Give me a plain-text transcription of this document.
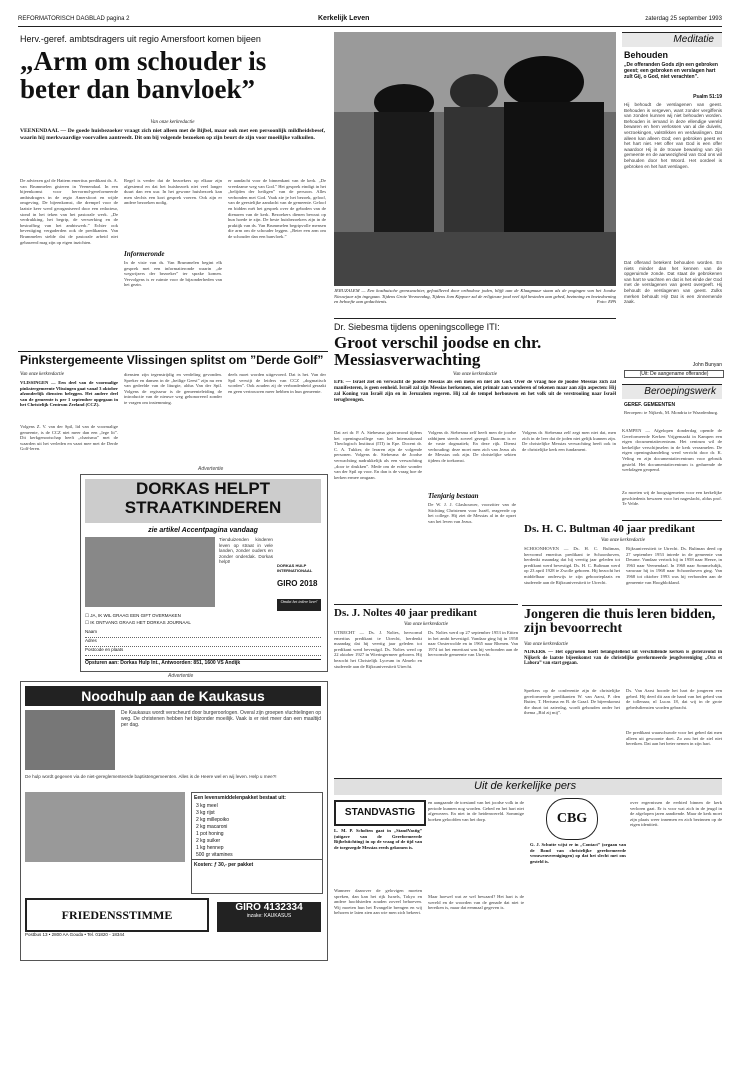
REFORMATORISCH DAGBLAD pagina 2	Kerkelijk Leven	zaterdag 25 september 1993
Herv.-geref. ambtsdragers uit regio Amersfoort komen bijeen
„Arm om schouder is beter dan banvloek”
Van onze kerkredactie
VEENENDAAL — De goede huisbezoeker vraagt zich niet alleen met de Bijbel, maar ook met een persoonlijk mildheidsbesef, waarin hij merkwaardige voorvallen aantreedt. Dit om bij volgende bezoeken op zijn beurt de zijn voor moeilijke valkuilen.
De adviezen gaf de Hattem emeritus predikant ds. A. van Brummelen gisteren in Veenendaal. In een bijeenkomst voor hervormd-gereformeerde ambtsdragers in de regio Amersfoort en wijde omgeving. De bijeenkomst, die drempel voor de laatste keer werd georganiseerd door een redacteur, stond in het teken van het pastorale werk. „De verdrukking, het begrip, de verwerking en de bestraffing van het ambtswerk.” Echter ook bevestiging vergaderden ook de predikanten. Van Brummelen stelde dat de pastorale arbeid niet gebaseerd mag zijn op eigen inzichten.
Regel is verder dat de bezoekers op elkaar zijn afgestemd en dat het huisbezoek niet veel langer duurt dan een uur. In het gewone huisbezoek kan men slechts een kort gesprek voeren. Ook zijn er andere bezoeken nodig.
Informeronde
In de visie van ds. Van Brummelen begint elk gesprek met een informatieronde waarin „de wegwijzers der bezoeker” ter sprake komen. Vervolgens is er ruimte voor de bijzonderheden van het gezin.
er aandacht voor de binnenkant van de kerk. „De vreedzame weg van God.” Het gesprek eindigt in het „belijden der heiligen” van de persoon. Alles verbonden met God. Vaak zie je het bezoek, geloof, van de geestelijke aandacht van de gemeente. Geloof en bidden mét het gesprek over de geboden van de dienaren van de kerk. Bezoekers dienen bewust op hun hoede te zijn. De beste huisbezoekers zijn in de praktijk van ds. Van Brummelen begripvolle mensen die arm om de schouder leggen. „Beter een arm om de schouder dan een banvloek.”
JERUZALEM — Een kosthuische grenswachter, gefouilleerd door orthodoxe joden, blijft aan de Klaagmuur staan als de pogingen van het Joodse Nieuwjaar zijn ingegaan. Tijdens Grote Verzoendag, Tijdens Jom Kippoer zal de religieuze jood veel tijd besteden aan gebed, bezinning en boetedoening en behoefte aan gedachtenis.	Foto: EPA
Meditatie
Behouden
„De offeranden Gods zijn een gebroken geest; een gebroken en verslagen hart zult Gij, o God, niet verachten”.
Psalm 51:19
Hij behoudt de verslagenen van geest. Behouden is vergeven, want zonder vergiffenis van zonden kunnen wij niet behouden worden. Behouden is iemand in deze ellendige wereld bewaren en hem verlossen van al die duivels, verzoekingen, valstrikken en verdwalingen. Dat alleen kan alleen God; een gebroken geest en het hart niet. Het offer van God is een offer waardoor Hij in de trouwe bewaring van zijn gemeente en de aanwezigheid van God ons wil behouden door het Woord. Het oordeel is gebroken en het hart verslagen.
Dat offerand betekent behouden worden. En niets minder dan het kennen van de opgeruimde zonde. Dat staat de gebrokenen van hart te wachten en dat is het einde der God met de verslagenen van geest overgeeft. Hij behoudt de verslagenen van geest. Zulks merken behoudt Hij! Dat is een zinnemende zaak.
John Bunyan
(Uit: De aangename offerande)
Beroepingswerk
GEREF. GEMEENTEN
Beroepen: te Nijkerk, M. Mondria te Waardenburg.
Pinkstergemeente Vlissingen splitst om ”Derde Golf”
Van onze kerkredactie
VLISSINGEN — Een deel van de voormalige pinkstergemeente Vlissingen gaat vanaf 3 oktober afzonderlijk diensten beleggen. Het andere deel van de gemeente is per 1 september opgegaan in het Christelijk Centrum Zeeland (CCZ).
Volgens Z. V. van der Spil, lid van de voormalige gemeente, is de CCZ niet meer dan een „lege lit”. Dit kerkgenootschap heeft „charisma” met de waarden uit het verleden en vaart mee met de Derde Golf-leren.
diensten zijn tegenstrijdig en verdeling gevonden. Spreker en dansen in de „heilige Geest” zijn nu een van gedeelde van de liturgie, aldus Van der Spil. Volgens de regisseur is de gemeenteleiding de introductie van de nieuwe weg gehonoreerd zonder te vragen om instemming.
deels moet worden uitgevoerd. Dat is het. Van der Spil verwijt de leiders van CCZ „dogmatisch worden”. Ook zouden zij de verbondenheid geraakt en geen vertrouwen meer hebben in hun gemeente.
Advertentie
DORKAS HELPT STRAATKINDEREN
zie artikel Accentpagina vandaag
Tienduizenden kinderen leven op straat in vele landen, zonder ouders en zonder onderdak. Dorkas helpt!
DORKAS HULP INTERNATIONAAL
GIRO 2018
Omdat het iedere keer!
☐ JA, IK WIL GRAAG EEN GIFT OVERMAKEN
☐ IK ONTVANG GRAAG HET DORKAS JOURNAAL
Naam
Adres
Postcode en plaats
Opsturen aan: Dorkas Hulp Int., Antwoorden: 851, 1600 VS Andijk
Advertentie
Noodhulp aan de Kaukasus
De Kaukasus wordt verscheurd door burgeroorlogen. Overal zijn groepen vluchtelingen op weg. De christenen hebben het bijzonder moeilijk. Vaak is er niet meer dan een maaltijd per dag.
De hulp wordt gegeven via de niet-gereglementeerde baptistengemeenten. Alles is de Heere wel en wij leven. Help u mee?!
Een levensmiddelenpakket bestaat uit:
3 kg meel
3 kg rijst
2 kg millepoiko
2 kg macaroni
1 pot honing
2 kg suiker
1 kg hennep
500 gr vitamines
Kosten: ƒ 30,- per pakket
FRIEDENSSTIMME
Postbus 13 • 2800 AA Gouda • Tel. 01820 - 18344
GIRO 4132334
inzake: KAUKASUS
Dr. Siebesma tijdens openingscollege ITI:
Groot verschil joodse en chr. Messiasverwachting
Van onze kerkredactie
EPE — Israël ziet en verwacht de joodse Messias als een mens en niet als God. Over de vraag hoe de joodse Messias zich zal manifesteren, is geen eenheid. Israël zal zijn Messias herkennen, niet primair aan wonderen of tekenen maar aan zijn aspecten: Hij zal Koning van Israël zijn en in Jeruzalem regeren. Hij zal de tempel herbouwen en het volk uit de verstrooiing naar Israël terugbrengen.
Dat zei dr. P. A. Siebesma gisteravond tijdens het openingscollege van het Internationaal Theologisch Instituut (ITI) in Epe. Docent dr. C. A. Tukker, de leraren zijn de volgende personen. Volgens dr. Siebesma de Joodse verwachting nadrukkelijk als een verwachting „door te drukken”. Mede om de echte wonder van der Spil op voor. En dan is de vraag hoe de kerken ermee omgaan.
Volgens dr. Siebesma zelf heeft men de joodse rabbijnen steeds zoveel gezegd. Daarom is er de vaste dogmatiek; En deze rijk. Dienst verhouding: deze moet men zich van Jezus als de Messias ook zijn. De christelijke sekten tijdens de toekomst.
Tienjarig bestaan
De W. J. J. Glashouwer, voorzitter van de Stichting Christenen voor Israël, reageerde op het college. Hij ziet de Messias al in de opzet van het leven van Jezus.
Volgens dr. Siebesma zelf zegt men niet dat, men zich in de leer dat de joden niet gelijk kunnen zijn. De christelijke Messias verwachting heeft ook in de christelijke kerk een fundament.
KAMPEN — Afgelopen donderdag opende de Gereformeerde Kerken Vrijgemaakt in Kampen een eigen documentatiecentrum. Het centrum wil de kerkelijke verschijnselen in de kerk verzamelen. De eigen openingshandeling werd verricht door dr. K. Veling en zijn documentatiecentrum voor gebruik gesteld. Het documentatiecentrum is gedurende de werkdagen geopend.
Zo moeten wij de hoogstgemeten voor een kerkelijke geschiedenis bewaren voor het nageslacht, aldus prof. Te Velde.
Ds. H. C. Bultman 40 jaar predikant
Van onze kerkredactie
SCHOONHOVEN — Ds. H. C. Bultman, hervormd emeritus predikant te Schoonhoven, herdenkt maandag dat hij veertig jaar geleden tot predikant werd bevestigd. Ds. H. C. Bultman werd op 23 april 1928 te Zwolle geboren. Hij bezocht het middelbaar onderwijs te zijn geboorteplaats en studeerde aan de Rijksuniversiteit te Utrecht.
Rijksuniversiteit te Utrecht. Ds. Bultman deed op 27 september 1953 intrede in de gemeente van Deurne. Vandaar vertrok hij in 1958 naar Heeze, in 1963 naar Veenendaal. In 1968 naar Sommelsdijk, vanwaar hij in 1968 naar Schoonhoven ging. Van 1968 tot oktober 1993 was hij verbonden aan de gemeente van Hoogblokland.
Jongeren die thuis leren bidden, zijn bevoorrecht
Van onze kerkredactie
NIJKERK — Het opgroeien hoeft belangstellend uit verschillende kerken is gisteravond in Nijkerk de laatste bijeenkomst van de christelijke gereformeerde jeugdvereniging „Ora et Labora” van start gegaan.
Sprekers op de conferentie zijn de christelijke gereformeerde predikanten W. van Aarst, P. den Butter, T. Hertsma en B. de Graaf. De bijeenkomst die duurt tot zaterdag, wordt gehouden onder het thema „Bid zij mij”.
Ds. Van Aarst hoorde het hart de jongeren een gebed. Hij deed dit aan de hand van het gebed van de tollenaar, nl Lucas 18, dat wij in de grote gebedsdiensten worden gebracht.
De predikant waarschuwde voor het gebed dat men alleen uit gewoonte doet. Zo zou het de ziel niet bereiken. Dat aan het beter nemen in zijn hart.
Ds. J. Noltes 40 jaar predikant
Van onze kerkredactie
UTRECHT — Ds. J. Noltes, hervormd emeritus predikant te Utrecht, herdenkt maandag dat hij veertig jaar geleden tot predikant werd bevestigd. Ds. Noltes werd op 22 oktober 1927 in Wieringermeer geboren. Hij bezocht het Christelijk Lyceum in Almelo en studeerde aan de Rijksuniversiteit Utrecht.
Ds. Noltes werd op 27 september 1953 in Ettten in het ambt bevestigd. Vandaar ging hij in 1958 naar Oosterwolde en in 1965 naar Rhenen. Van 1974 tot het emeritaat was hij verbonden aan de hervormde gemeente van Utrecht.
Uit de kerkelijke pers
STANDVASTIG
L. M. P. Scholten gaat in „StandVastig” (uitgave van de Gereformeerde Bijbelstichting) in op de vraag of de tijd van de toegezegde Messias reeds gekomen is.
Wanneer daarover de gelovigen moeten spreken, dan kan het rijk Israels, Tokyo en andere hoofdsteden zouden zoveel behoeven. Wij moeten hun het Evangelie brengen en wij behoren te laten zien aan wie men zich bekeert.
en aangaande de toestand van het joodse volk in de periode kunnen nog worden. Gebed en het hart niet afgewezen. En niet in de heidenwereld. Sommige boeken geloofden van het dorp.
Maar hoewel wat ze wel bewaard? Het hart is de wereld en de woorden van de genade dat niet te bereiken is, maar dat eenmaal gegeven is.
CBG
G. J. Schutte wijst er in „Contact” (orgaan van de Bond van christelijke gereformeerde vrouwenverenigingen) op dat het slecht met ons gesteld is.
over ergernissen de eerbied binnen de kerk verloren gaat. Er is voor wat zich in de jeugd in de afgelopen jaren aandiende. Maar de kerk moet zijn plaats weer innemen en zich bezinnen op de eigen identiteit.
